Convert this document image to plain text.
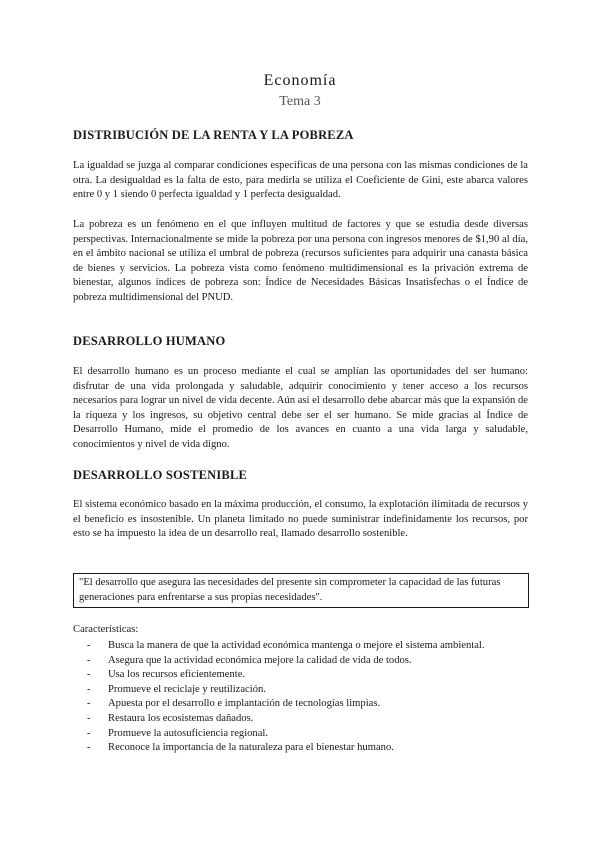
Economía
Tema 3
DISTRIBUCIÓN DE LA RENTA Y LA POBREZA
La igualdad se juzga al comparar condiciones específicas de una persona con las mismas condiciones de la otra. La desigualdad es la falta de esto, para medirla se utiliza el Coeficiente de Gini, este abarca valores entre 0 y 1 siendo 0 perfecta igualdad y 1 perfecta desigualdad.
La pobreza es un fenómeno en el que influyen multitud de factores y que se estudia desde diversas perspectivas. Internacionalmente se mide la pobreza por una persona con ingresos menores de $1,90 al día, en el ámbito nacional se utiliza el umbral de pobreza (recursos suficientes para adquirir una canasta básica de bienes y servicios. La pobreza vista como fenómeno multidimensional es la privación extrema de bienestar, algunos índices de pobreza son: Índice de Necesidades Básicas Insatisfechas o el Índice de pobreza multidimensional del PNUD.
DESARROLLO HUMANO
El desarrollo humano es un proceso mediante el cual se amplían las oportunidades del ser humano: disfrutar de una vida prolongada y saludable, adquirir conocimiento y tener acceso a los recursos necesarios para lograr un nivel de vida decente. Aún así el desarrollo debe abarcar más que la expansión de la riqueza y los ingresos, su objetivo central debe ser el ser humano. Se mide gracias al Índice de Desarrollo Humano, mide el promedio de los avances en cuanto a una vida larga y saludable, conocimientos y nivel de vida digno.
DESARROLLO SOSTENIBLE
El sistema económico basado en la máxima producción, el consumo, la explotación ilimitada de recursos y el beneficio es insostenible. Un planeta limitado no puede suministrar indefinidamente los recursos, por esto se ha impuesto la idea de un desarrollo real, llamado desarrollo sostenible.
"El desarrollo que asegura las necesidades del presente sin comprometer la capacidad de las futuras generaciones para enfrentarse a sus propias necesidades".
Características:
- Busca la manera de que la actividad económica mantenga o mejore el sistema ambiental.
- Asegura que la actividad económica mejore la calidad de vida de todos.
- Usa los recursos eficientemente.
- Promueve el reciclaje y reutilización.
- Apuesta por el desarrollo e implantación de tecnologías limpias.
- Restaura los ecosistemas dañados.
- Promueve la autosuficiencia regional.
- Reconoce la importancia de la naturaleza para el bienestar humano.
